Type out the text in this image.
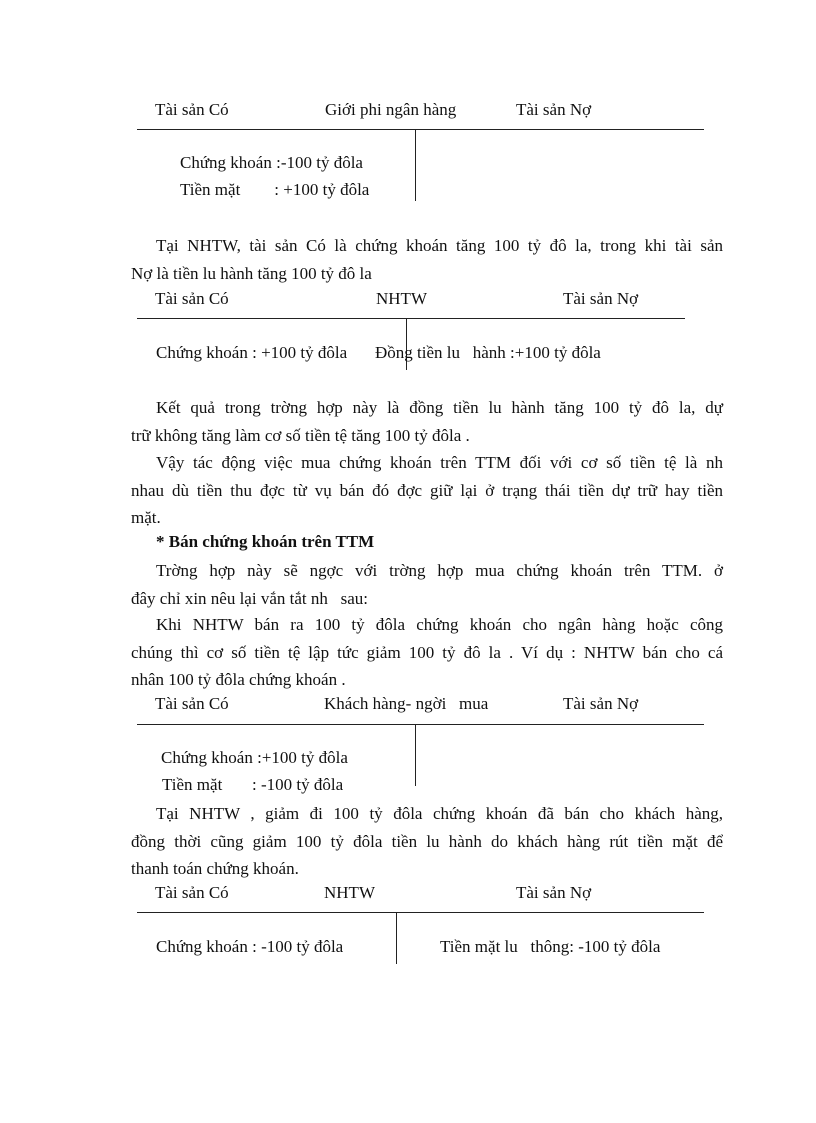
Tài sản Có	Giới phi ngân hàng	Tài sản Nợ
Chứng khoán :-100 tỷ đôla
Tiền mặt        : +100 tỷ đôla
Tại NHTW, tài sản Có là chứng khoán tăng 100 tỷ đô la, trong khi tài sản
Nợ là tiền lu hành tăng 100 tỷ đô la
Tài sản Có	NHTW	Tài sản Nợ
Chứng khoán : +100 tỷ đôla Đồng tiền lu   hành :+100 tỷ đôla
Kết quả trong trờng hợp này là đồng tiền lu hành tăng 100 tỷ đô la, dự
trữ không tăng làm cơ số tiền tệ tăng 100 tỷ đôla .
Vậy tác động việc mua chứng khoán trên TTM đối với cơ số tiền tệ là nh
nhau dù tiền thu đợc từ vụ bán đó đợc giữ lại ở trạng thái tiền dự trữ hay tiền
mặt.
* Bán chứng khoán trên TTM
Trờng hợp này sẽ ngợc với trờng hợp mua chứng khoán trên TTM. ở
đây chỉ xin nêu lại vắn tắt nh   sau:
Khi NHTW bán ra 100 tỷ đôla chứng khoán cho ngân hàng hoặc công
chúng thì cơ số tiền tệ lập tức giảm 100 tỷ đô la . Ví dụ : NHTW bán cho cá
nhân 100 tỷ đôla chứng khoán .
Tài sản Có	Khách hàng- ngời   mua	Tài sản Nợ
Chứng khoán :+100 tỷ đôla
Tiền mặt       : -100 tỷ đôla
Tại NHTW , giảm đi 100 tỷ đôla chứng khoán đã bán cho khách hàng,
đồng thời cũng giảm 100 tỷ đôla tiền lu hành do khách hàng rút tiền mặt để
thanh toán chứng khoán.
Tài sản Có	NHTW	Tài sản Nợ
Chứng khoán : -100 tỷ đôla	Tiền mặt lu   thông: -100 tỷ đôla
